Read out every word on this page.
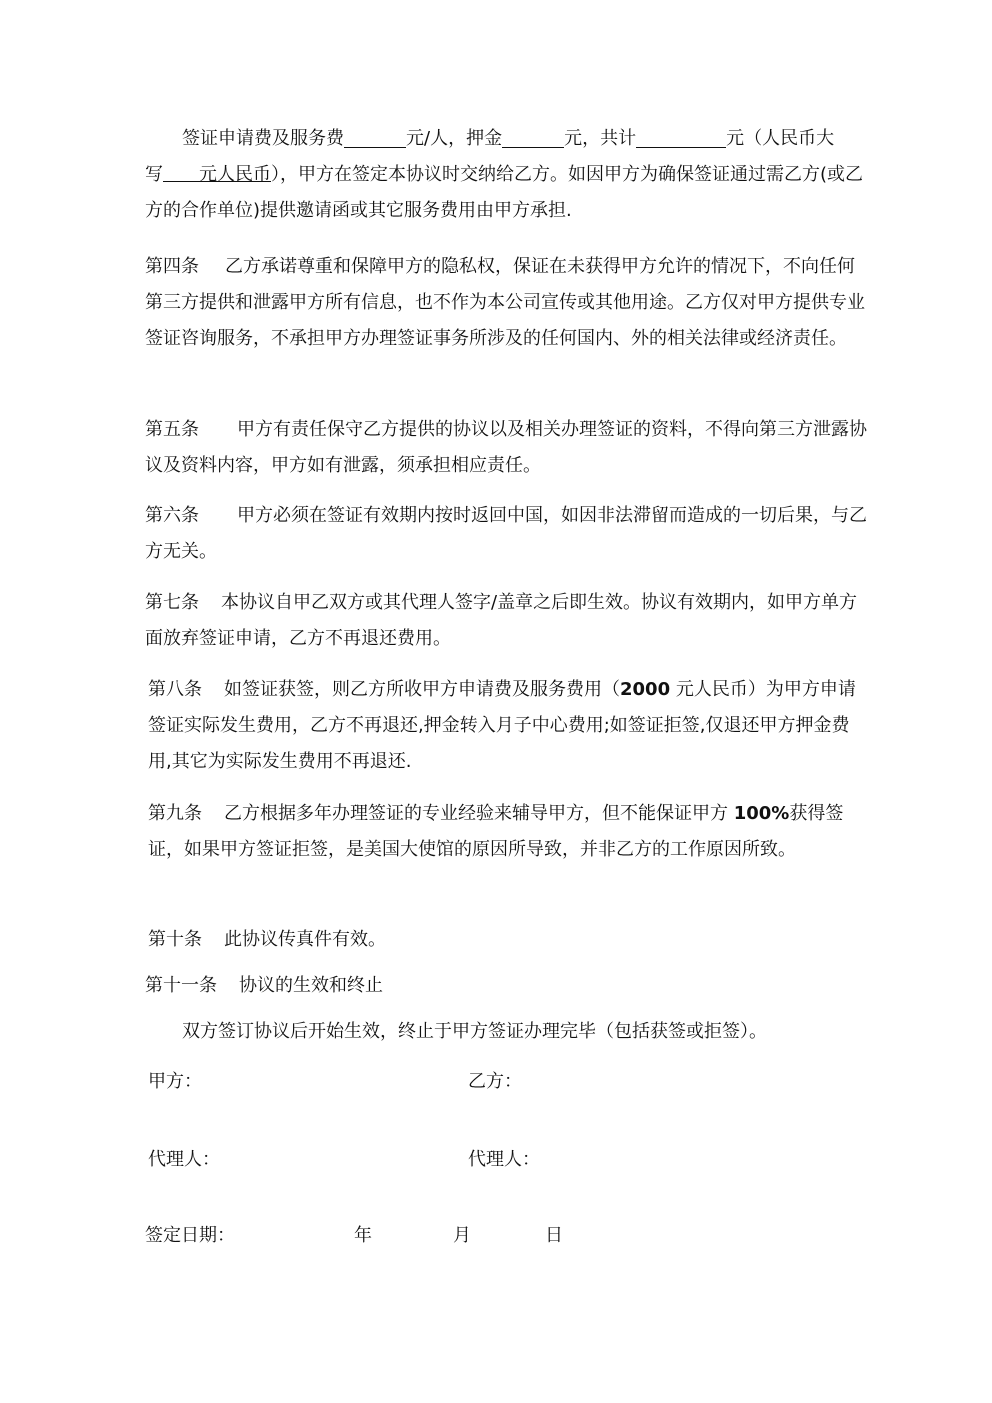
签证申请费及服务费	元/人，押金	元，共计	元（人民币大写   元人民币），甲方在签定本协议时交纳给乙方。如因甲方为确保签证通过需乙方(或乙方的合作单位)提供邀请函或其它服务费用由甲方承担.

第四条 乙方承诺尊重和保障甲方的隐私权，保证在未获得甲方允许的情况下，不向任何第三方提供和泄露甲方所有信息，也不作为本公司宣传或其他用途。乙方仅对甲方提供专业签证咨询服务，不承担甲方办理签证事务所涉及的任何国内、外的相关法律或经济责任。

第五条 甲方有责任保守乙方提供的协议以及相关办理签证的资料，不得向第三方泄露协议及资料内容，甲方如有泄露，须承担相应责任。

第六条 甲方必须在签证有效期内按时返回中国，如因非法滞留而造成的一切后果，与乙方无关。

第七条 本协议自甲乙双方或其代理人签字/盖章之后即生效。协议有效期内，如甲方单方面放弃签证申请，乙方不再退还费用。

第八条 如签证获签，则乙方所收甲方申请费及服务费用（2000 元人民币）为甲方申请签证实际发生费用，乙方不再退还,押金转入月子中心费用;如签证拒签,仅退还甲方押金费用,其它为实际发生费用不再退还.

第九条 乙方根据多年办理签证的专业经验来辅导甲方，但不能保证甲方 100%获得签证，如果甲方签证拒签，是美国大使馆的原因所导致，并非乙方的工作原因所致。

第十条 此协议传真件有效。

第十一条 协议的生效和终止

双方签订协议后开始生效，终止于甲方签证办理完毕（包括获签或拒签）。

甲方：	乙方：

代理人：	代理人：

签定日期：	年	月	日
